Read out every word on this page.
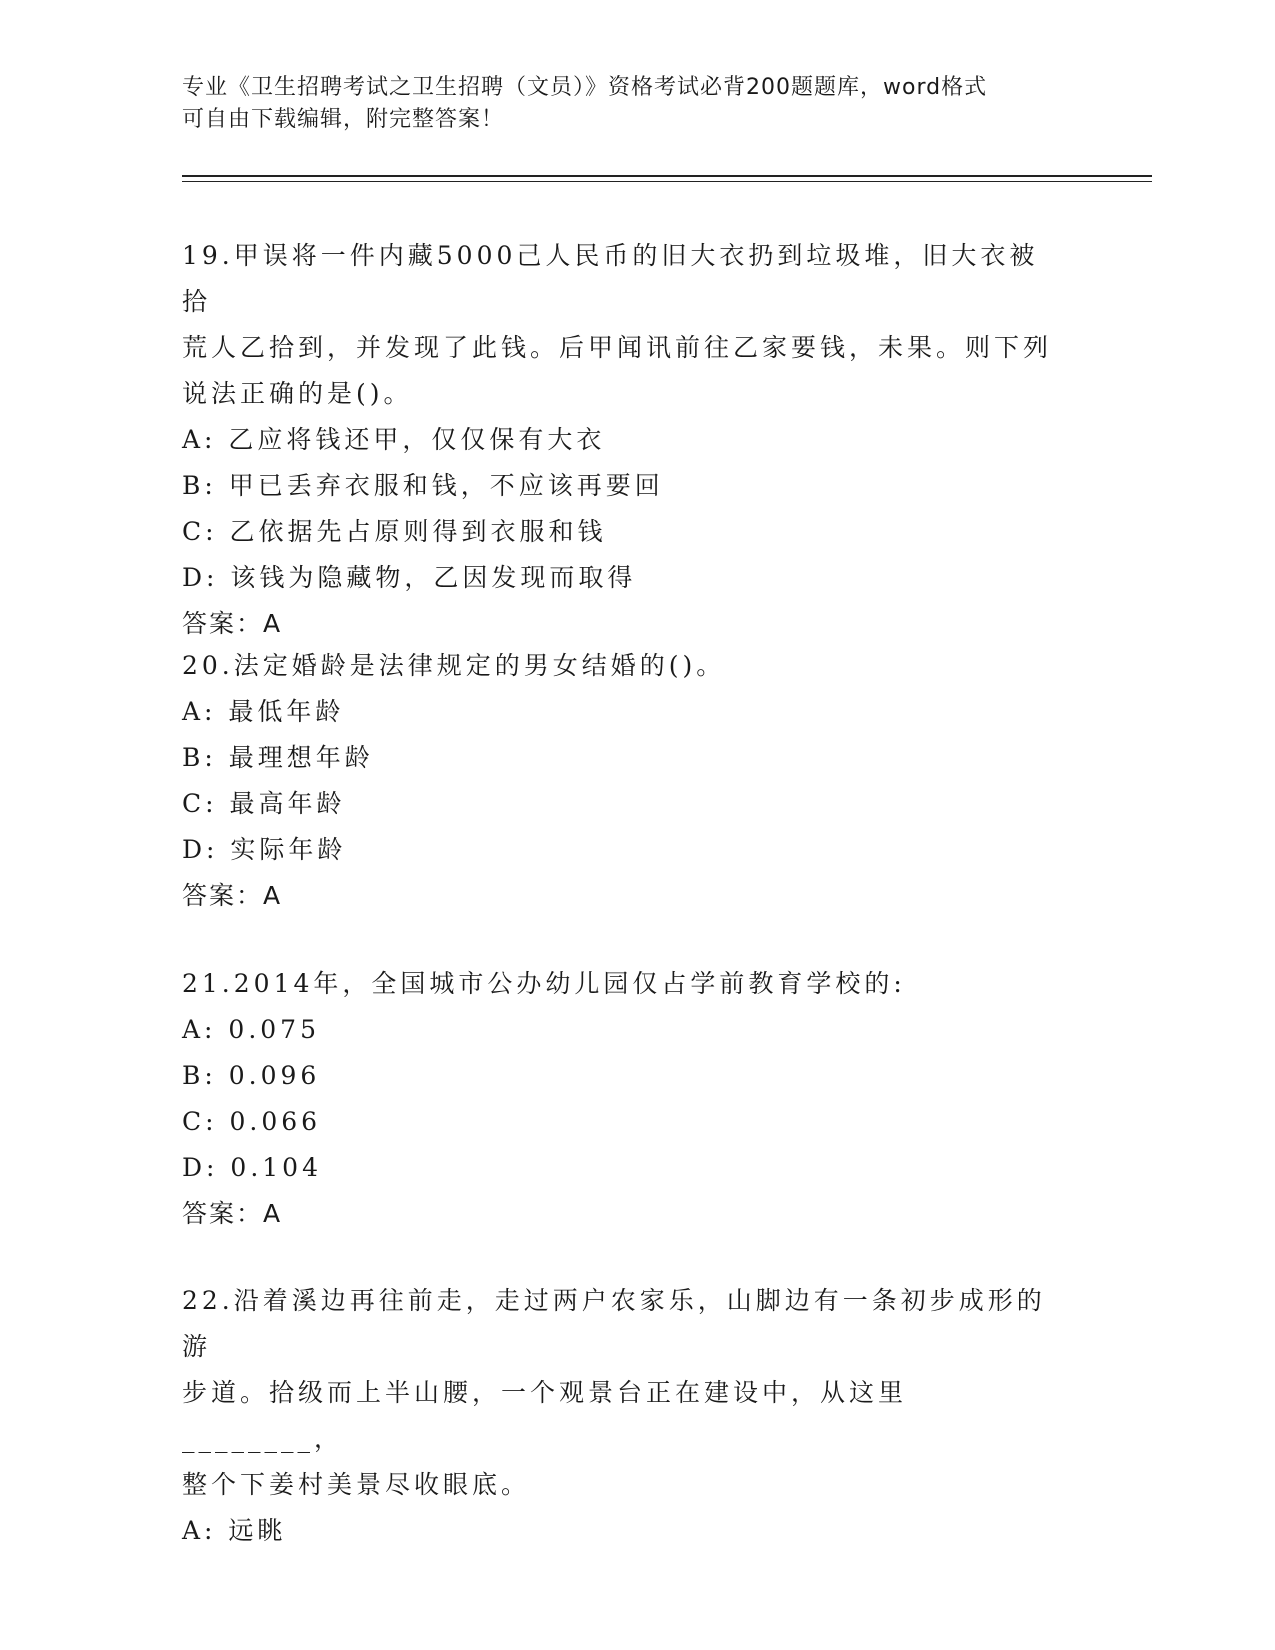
专业《卫生招聘考试之卫生招聘（文员）》资格考试必背200题题库，word格式
可自由下载编辑，附完整答案！

19.甲误将一件内藏5000己人民币的旧大衣扔到垃圾堆，旧大衣被拾

荒人乙拾到，并发现了此钱。后甲闻讯前往乙家要钱，未果。则下列

说法正确的是()。

A: 乙应将钱还甲，仅仅保有大衣

B: 甲已丢弃衣服和钱，不应该再要回

C: 乙依据先占原则得到衣服和钱

D: 该钱为隐藏物，乙因发现而取得

答案：A

20.法定婚龄是法律规定的男女结婚的()。

A: 最低年龄

B: 最理想年龄

C: 最高年龄

D: 实际年龄

答案：A

21.2014年，全国城市公办幼儿园仅占学前教育学校的:

A: 0.075

B: 0.096

C: 0.066

D: 0.104

答案：A

22.沿着溪边再往前走，走过两户农家乐，山脚边有一条初步成形的游

步道。拾级而上半山腰，一个观景台正在建设中，从这里________，

整个下姜村美景尽收眼底。

A: 远眺
